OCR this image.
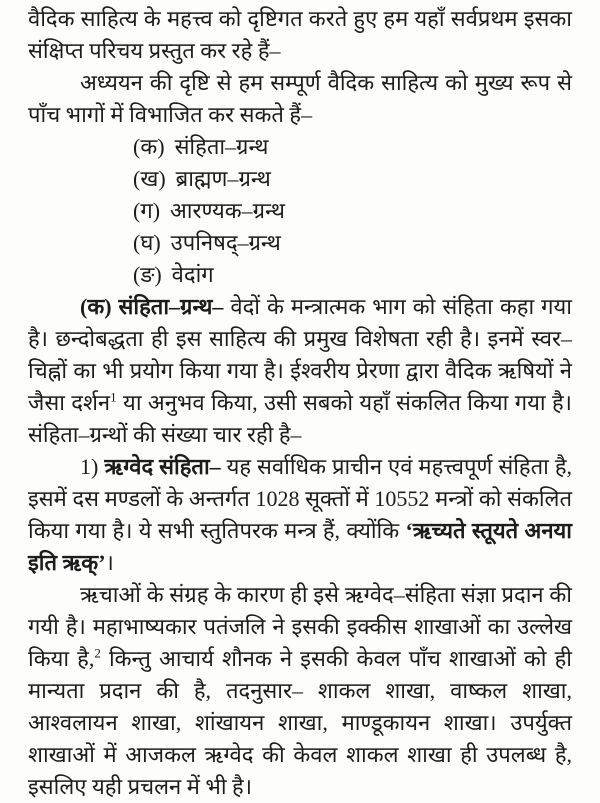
वैदिक साहित्य के महत्त्व को दृष्टिगत करते हुए हम यहाँ सर्वप्रथम इसका संक्षिप्त परिचय प्रस्तुत कर रहे हैं–

अध्ययन की दृष्टि से हम सम्पूर्ण वैदिक साहित्य को मुख्य रूप से पाँच भागों में विभाजित कर सकते हैं–

(क) संहिता–ग्रन्थ
(ख) ब्राह्मण–ग्रन्थ
(ग) आरण्यक–ग्रन्थ
(घ) उपनिषद्–ग्रन्थ
(ङ) वेदांग

(क) संहिता–ग्रन्थ– वेदों के मन्त्रात्मक भाग को संहिता कहा गया है। छन्दोबद्धता ही इस साहित्य की प्रमुख विशेषता रही है। इनमें स्वर–चिह्नों का भी प्रयोग किया गया है। ईश्वरीय प्रेरणा द्वारा वैदिक ऋषियों ने जैसा दर्शन$^1$ या अनुभव किया, उसी सबको यहाँ संकलित किया गया है। संहिता–ग्रन्थों की संख्या चार रही है–

1) ऋग्वेद संहिता– यह सर्वाधिक प्राचीन एवं महत्त्वपूर्ण संहिता है, इसमें दस मण्डलों के अन्तर्गत 1028 सूक्तों में 10552 मन्त्रों को संकलित किया गया है। ये सभी स्तुतिपरक मन्त्र हैं, क्योंकि ‘ऋच्यते स्तूयते अनया इति ऋक्’।

ऋचाओं के संग्रह के कारण ही इसे ऋग्वेद–संहिता संज्ञा प्रदान की गयी है। महाभाष्यकार पतंजलि ने इसकी इक्कीस शाखाओं का उल्लेख किया है,$^2$ किन्तु आचार्य शौनक ने इसकी केवल पाँच शाखाओं को ही मान्यता प्रदान की है, तदनुसार– शाकल शाखा, वाष्कल शाखा, आश्वलायन शाखा, शांखायन शाखा, माण्डूकायन शाखा। उपर्युक्त शाखाओं में आजकल ऋग्वेद की केवल शाकल शाखा ही उपलब्ध है, इसलिए यही प्रचलन में भी है।
